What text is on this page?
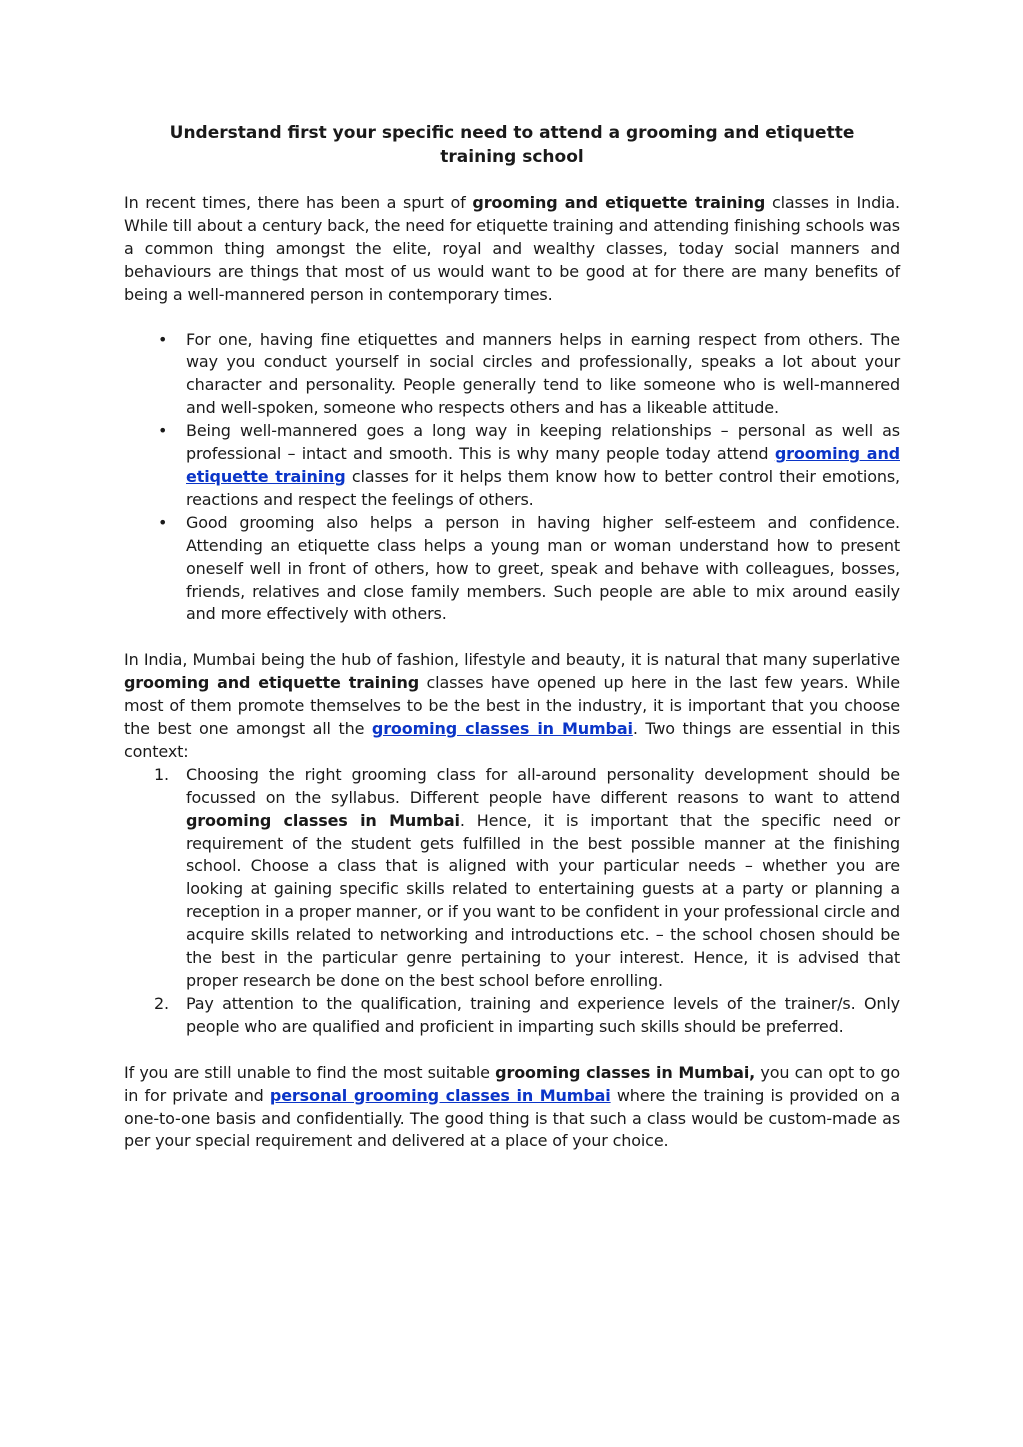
Understand first your specific need to attend a grooming and etiquette training school

In recent times, there has been a spurt of grooming and etiquette training classes in India. While till about a century back, the need for etiquette training and attending finishing schools was a common thing amongst the elite, royal and wealthy classes, today social manners and behaviours are things that most of us would want to be good at for there are many benefits of being a well-mannered person in contemporary times.

• For one, having fine etiquettes and manners helps in earning respect from others. The way you conduct yourself in social circles and professionally, speaks a lot about your character and personality. People generally tend to like someone who is well-mannered and well-spoken, someone who respects others and has a likeable attitude.
• Being well-mannered goes a long way in keeping relationships – personal as well as professional – intact and smooth. This is why many people today attend grooming and etiquette training classes for it helps them know how to better control their emotions, reactions and respect the feelings of others.
• Good grooming also helps a person in having higher self-esteem and confidence. Attending an etiquette class helps a young man or woman understand how to present oneself well in front of others, how to greet, speak and behave with colleagues, bosses, friends, relatives and close family members. Such people are able to mix around easily and more effectively with others.

In India, Mumbai being the hub of fashion, lifestyle and beauty, it is natural that many superlative grooming and etiquette training classes have opened up here in the last few years. While most of them promote themselves to be the best in the industry, it is important that you choose the best one amongst all the grooming classes in Mumbai. Two things are essential in this context:

1. Choosing the right grooming class for all-around personality development should be focussed on the syllabus. Different people have different reasons to want to attend grooming classes in Mumbai. Hence, it is important that the specific need or requirement of the student gets fulfilled in the best possible manner at the finishing school. Choose a class that is aligned with your particular needs – whether you are looking at gaining specific skills related to entertaining guests at a party or planning a reception in a proper manner, or if you want to be confident in your professional circle and acquire skills related to networking and introductions etc. – the school chosen should be the best in the particular genre pertaining to your interest. Hence, it is advised that proper research be done on the best school before enrolling.
2. Pay attention to the qualification, training and experience levels of the trainer/s. Only people who are qualified and proficient in imparting such skills should be preferred.

If you are still unable to find the most suitable grooming classes in Mumbai, you can opt to go in for private and personal grooming classes in Mumbai where the training is provided on a one-to-one basis and confidentially. The good thing is that such a class would be custom-made as per your special requirement and delivered at a place of your choice.
